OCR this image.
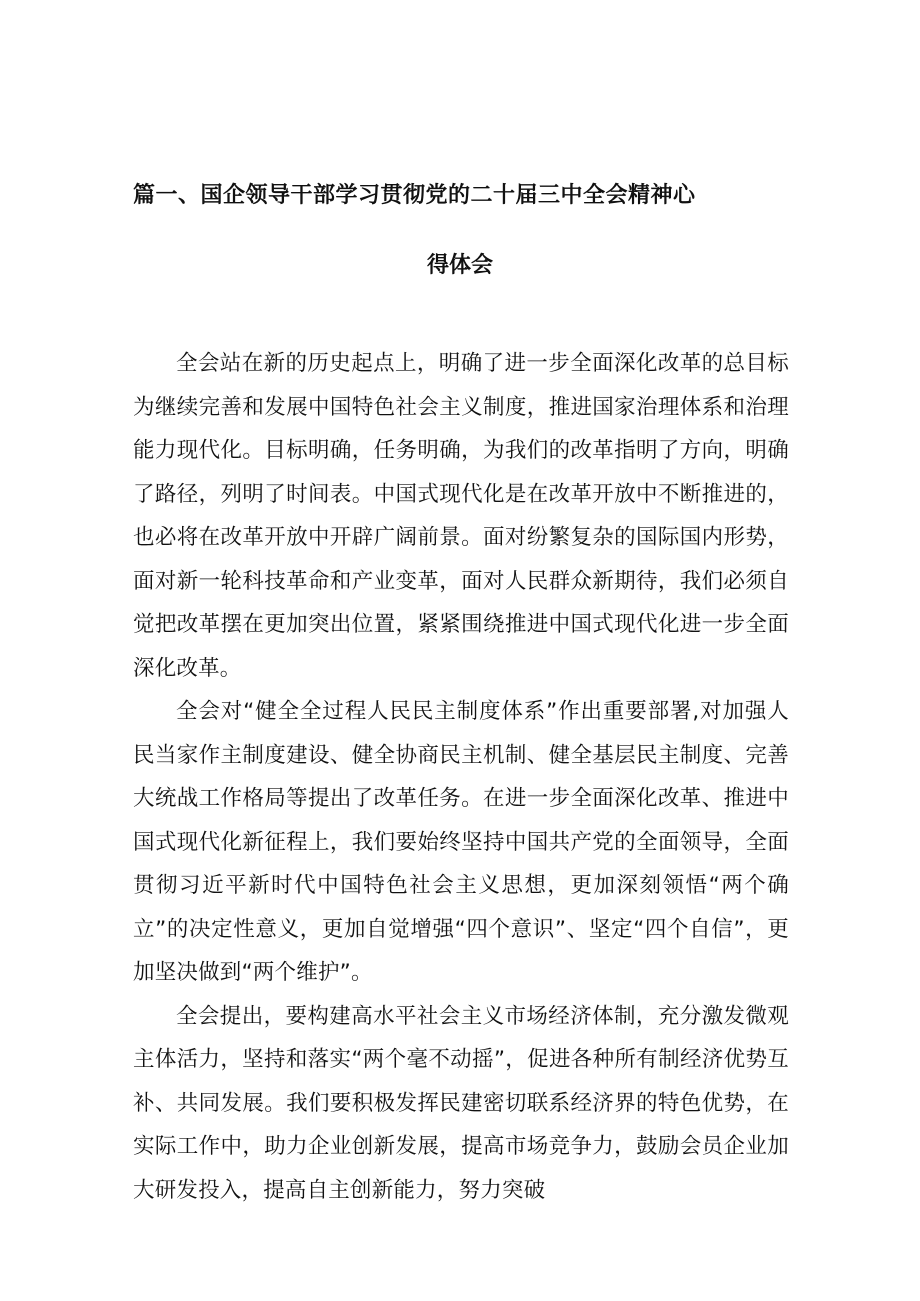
篇一、国企领导干部学习贯彻党的二十届三中全会精神心
得体会

全会站在新的历史起点上，明确了进一步全面深化改革的总目标为继续完善和发展中国特色社会主义制度，推进国家治理体系和治理能力现代化。目标明确，任务明确，为我们的改革指明了方向，明确了路径，列明了时间表。中国式现代化是在改革开放中不断推进的，也必将在改革开放中开辟广阔前景。面对纷繁复杂的国际国内形势，面对新一轮科技革命和产业变革，面对人民群众新期待，我们必须自觉把改革摆在更加突出位置，紧紧围绕推进中国式现代化进一步全面深化改革。

全会对“健全全过程人民民主制度体系”作出重要部署,对加强人民当家作主制度建设、健全协商民主机制、健全基层民主制度、完善大统战工作格局等提出了改革任务。在进一步全面深化改革、推进中国式现代化新征程上，我们要始终坚持中国共产党的全面领导，全面贯彻习近平新时代中国特色社会主义思想，更加深刻领悟“两个确立”的决定性意义，更加自觉增强“四个意识”、坚定“四个自信”，更加坚决做到“两个维护”。

全会提出，要构建高水平社会主义市场经济体制，充分激发微观主体活力，坚持和落实“两个毫不动摇”，促进各种所有制经济优势互补、共同发展。我们要积极发挥民建密切联系经济界的特色优势，在实际工作中，助力企业创新发展，提高市场竞争力，鼓励会员企业加大研发投入，提高自主创新能力，努力突破
